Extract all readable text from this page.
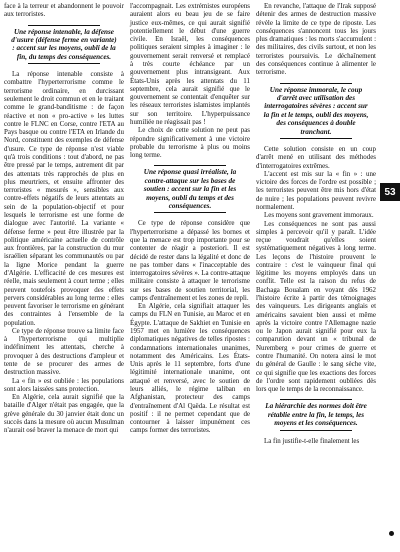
face à la terreur et abandonnent le pouvoir aux terroristes.

Une réponse intenable, la défense d'usure (défense ferme en variante) : accent sur les moyens, oubli de la fin, du temps des conséquences.

La réponse intenable consiste à combattre l'hyperterrorisme comme le terrorisme ordinaire, en durcissant seulement le droit commun et en le traitant comme le grand-banditisme : de façon réactive et non « pro-active » les luttes contre le FLNC en Corse, contre l'ETA au Pays basque ou contre l'ETA en Irlande du Nord, constituent des exemples de défense d'usure. Ce type de réponse n'est viable qu'à trois conditions : tout d'abord, ne pas être pressé par le temps, autrement dit par des attentats très rapprochés de plus en plus meurtriers, et ensuite affronter des terroristes « mesurés », sensibles aux contre-effets négatifs de leurs attentats au sein de la population-objectif et pour lesquels le terrorisme est une forme de dialogue avec l'autorité. La variante « défense ferme » peut être illustrée par la politique américaine actuelle de contrôle aux frontières, par la construction du mur israélien séparant les communautés ou par la ligne Morice pendant la guerre d'Algérie. L'efficacité de ces mesures est réelle, mais seulement à court terme ; elles peuvent toutefois provoquer des effets pervers considérables au long terme : elles peuvent favoriser le terrorisme en générant des contraintes à l'ensemble de la population.

Ce type de réponse trouve sa limite face à l'hyperterrorisme qui multiplie indéfiniment les attentats, cherche à provoquer à des destructions d'ampleur et tente de se procurer des armes de destruction massive.

La « fin » est oubliée : les populations sont alors laissées sans protection.

En Algérie, cela aurait signifié que la bataille d'Alger n'était pas engagée, que la grève générale du 30 janvier était donc un succès dans la mesure où aucun Musulman n'aurait osé braver la menace de mort qui

l'accompagnait. Les extrémistes européens auraient alors eu beau jeu de se faire justice eux-mêmes, ce qui aurait signifié potentiellement le début d'une guerre civile. En Israël, les conséquences politiques seraient simples à imaginer : le gouvernement serait renversé et remplacé à très courte échéance par un gouvernement plus intransigeant. Aux États-Unis après les attentats du 11 septembre, cela aurait signifié que le gouvernement se contentait d'enquêter sur les réseaux terroristes islamistes implantés sur son territoire. L'hyperpuissance humiliée ne réagissait pas !

Le choix de cette solution ne peut pas répondre significativement à une victoire probable du terrorisme à plus ou moins long terme.

Une réponse quasi irréaliste, la contre-attaque sur les bases de soutien : accent sur la fin et les moyens, oubli du temps et des conséquences.

Ce type de réponse considère que l'hyperterrorisme a dépassé les bornes et que la menace est trop importante pour se contenter de réagir a posteriori. Il est décidé de rester dans la légalité et donc de ne pas tomber dans « l'inacceptable des interrogatoires sévères ». La contre-attaque militaire consiste à attaquer le terrorisme sur ses bases de soutien territorial, les camps d'entraînement et les zones de repli.

En Algérie, cela signifiait attaquer les camps du FLN en Tunisie, au Maroc et en Égypte. L'attaque de Sakhiet en Tunisie en 1957 met en lumière les conséquences diplomatiques négatives de telles ripostes : condamnations internationales unanimes, notamment des Américains. Les États-Unis après le 11 septembre, forts d'une légitimité internationale unanime, ont attaqué et renversé, avec le soutien de leurs alliés, le régime taliban en Afghanistan, protecteur des camps d'entraînement d'Al Qaëda. Le résultat est positif : il ne permet cependant que de contourner à laisser impunément ces camps former des terroristes.

En revanche, l'attaque de l'Irak supposé détenir des armes de destruction massive révèle la limite de ce type de riposte. Les conséquences s'annoncent tous les jours plus dramatiques : les morts s'accumulent : des militaires, des civils surtout, et non les terroristes poursuivis. Le déchaînement des conséquences continue à alimenter le terrorisme.

Une réponse immorale, le coup d'arrêt avec utilisation des interrogatoires sévères : accent sur la fin et le temps, oubli des moyens, des conséquences à double tranchant.

Cette solution consiste en un coup d'arrêt mené en utilisant des méthodes d'interrogatoires extrêmes.

L'accent est mis sur la « fin » : une victoire des forces de l'ordre est possible ; les terroristes peuvent être mis hors d'état de nuire ; les populations peuvent revivre normalement.

Les moyens sont gravement immoraux.

Les conséquences ne sont pas aussi simples à percevoir qu'il y paraît. L'idée reçue voudrait qu'elles soient systématiquement négatives à long terme. Les leçons de l'histoire prouvent le contraire : c'est le vainqueur final qui légitime les moyens employés dans un conflit. Telle est la raison du refus de Bachaga Boualam en voyant dès 1962 l'histoire écrite à partir des témoignages des vainqueurs. Les dirigeants anglais et américains savaient bien aussi et même après la victoire contre l'Allemagne nazie ou le Japon aurait signifié pour eux la comparution devant un « tribunal de Nuremberg » pour crimes de guerre et contre l'humanité. On notera ainsi le mot du général de Gaulle : le sang sèche vite, ce qui signifie que les exactions des forces de l'ordre sont rapidement oubliées dès lors que le temps de la reconnaissance.

La hiérarchie des normes doit être rétablie entre la fin, le temps, les moyens et les conséquences.

La fin justifie-t-elle finalement les

53
